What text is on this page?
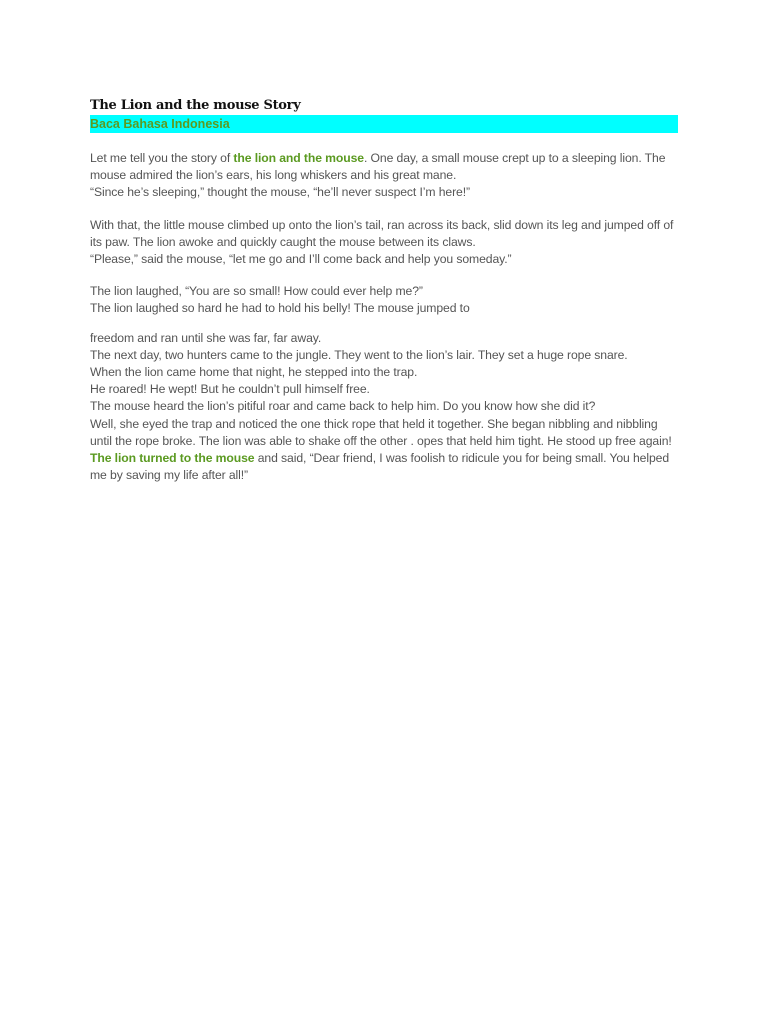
The Lion and the mouse Story
Baca Bahasa Indonesia

Let me tell you the story of the lion and the mouse. One day, a small mouse crept up to a sleeping lion. The mouse admired the lion’s ears, his long whiskers and his great mane.
“Since he’s sleeping,” thought the mouse, “he’ll never suspect I’m here!”

With that, the little mouse climbed up onto the lion’s tail, ran across its back, slid down its leg and jumped off of its paw. The lion awoke and quickly caught the mouse between its claws.
“Please,” said the mouse, “let me go and I’ll come back and help you someday.”

The lion laughed, “You are so small! How could ever help me?”
The lion laughed so hard he had to hold his belly! The mouse jumped to

freedom and ran until she was far, far away.
The next day, two hunters came to the jungle. They went to the lion’s lair. They set a huge rope snare.
When the lion came home that night, he stepped into the trap.
He roared! He wept! But he couldn’t pull himself free.
The mouse heard the lion’s pitiful roar and came back to help him. Do you know how she did it?
Well, she eyed the trap and noticed the one thick rope that held it together. She began nibbling and nibbling until the rope broke. The lion was able to shake off the other . opes that held him tight. He stood up free again!
The lion turned to the mouse and said, “Dear friend, I was foolish to ridicule you for being small. You helped me by saving my life after all!”
